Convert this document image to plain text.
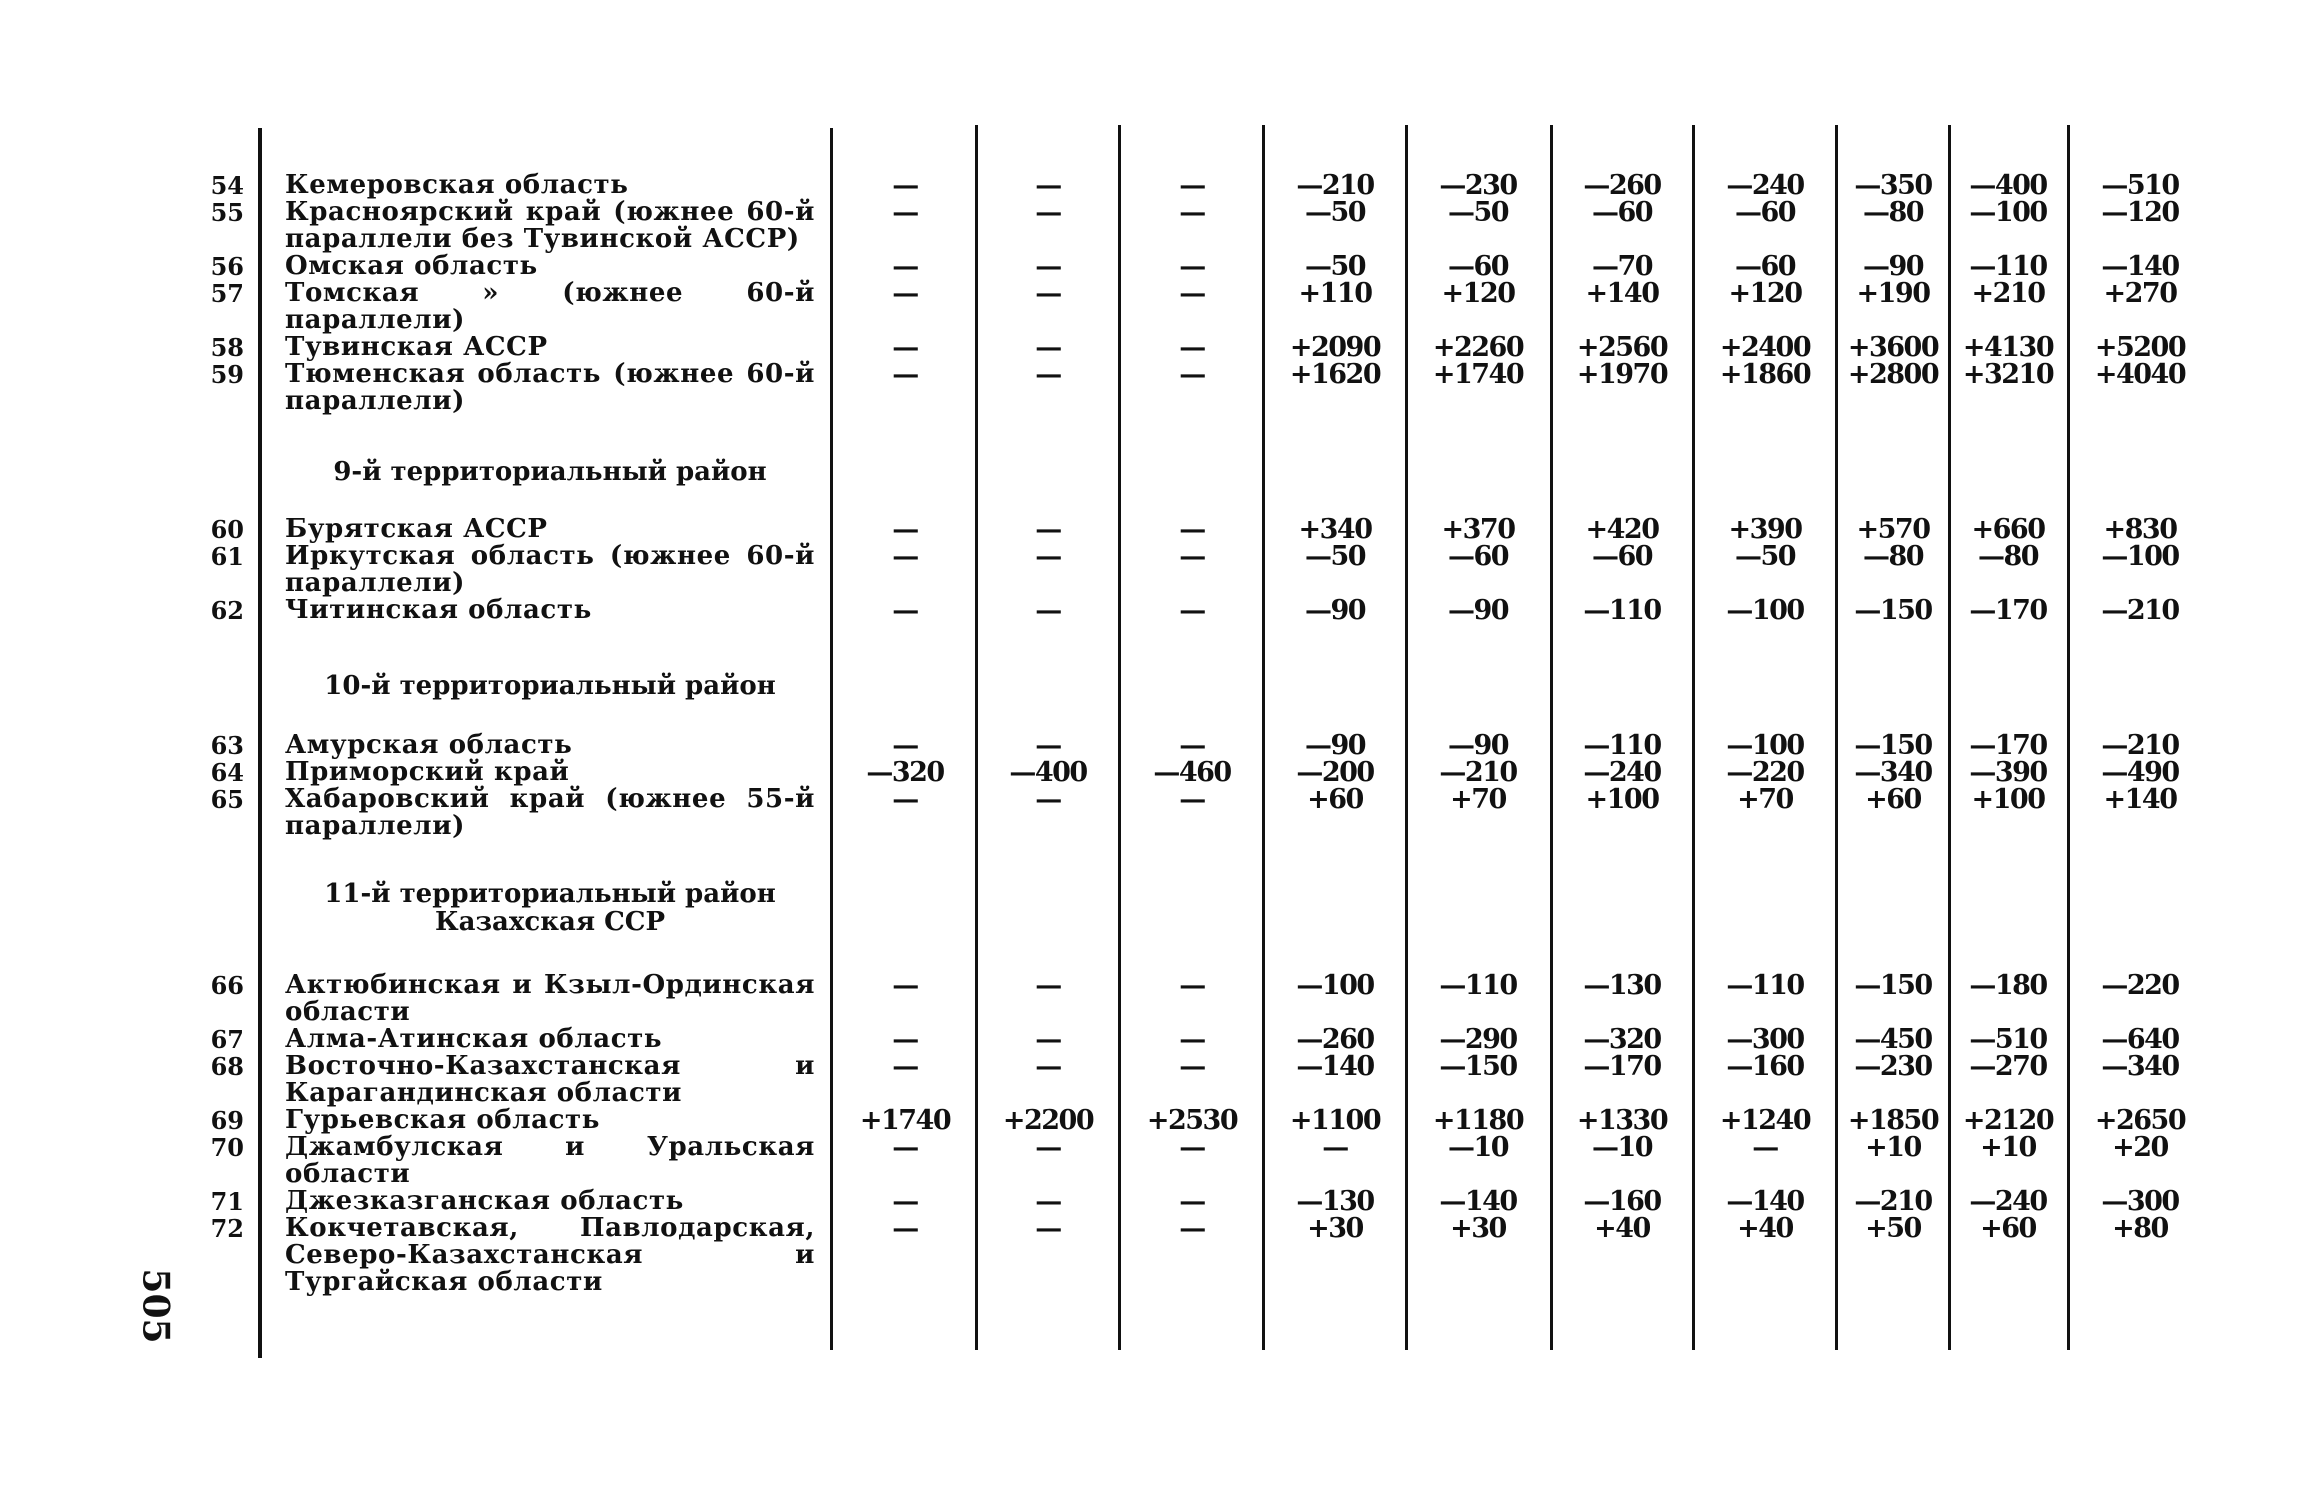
54 Кемеровская область	—	—	—	—210	—230	—260	—240	—350	—400	—510
55 Красноярский край (южнее 60-й параллели без Тувинской АССР)
—	—	—	—50	—50	—60	—60	—80	—100	—120
56 Омская область	—	—	—	—50	—60	—70	—60	—90	—110	—140
57 Томская » (южнее 60-й параллели)
—	—	—	+110	+120	+140	+120	+190	+210	+270
58 Тувинская АССР	—	—	—	+2090	+2260	+2560	+2400	+3600 +4130	+5200
59 Тюменская область (южнее 60-й параллели)
—	—	—	+1620	+1740	+1970	+1860	+2800 +3210	+4040
9-й территориальный район
60 Бурятская АССР	—	—	—	+340	+370	+420	+390	+570	+660	+830
61 Иркутская область (южнее 60-й параллели)
—	—	—	—50	—60	—60	—50	—80	—80	—100
62 Читинская область	—	—	—	—90	—90	—110	—100	—150	—170	—210
10-й территориальный район
63 Амурская область	—	—	—	—90	—90	—110	—100	—150	—170	—210
64 Приморский край	—320	—400	—460	—200	—210	—240	—220	—340	—390	—490
65 Хабаровский край (южнее 55-й параллели)
—	—	—	+60	+70	+100	+70	+60	+100	+140
11-й территориальный район
Казахская ССР
66 Актюбинская и Кзыл-Ординская области
—	—	—	—100	—110	—130	—110	—150	—180	—220
67 Алма-Атинская область	—	—	—	—260	—290	—320	—300	—450	—510	—640
68 Восточно-Казахстанская и Карагандинская области
—	—	—	—140	—150	—170	—160	—230	—270	—340
69 Гурьевская область	+1740	+2200	+2530	+1100	+1180	+1330	+1240	+1850 +2120	+2650
70 Джамбулская и Уральская области
—	—	—	—	—10	—10	—	+10	+10	+20
71 Джезказганская область	—	—	—	—130	—140	—160	—140	—210	—240	—300
72 Кокчетавская, Павлодарская, Северо-Казахстанская и Тургайская области
—	—	—	+30	+30	+40	+40	+50	+60	+80
505
